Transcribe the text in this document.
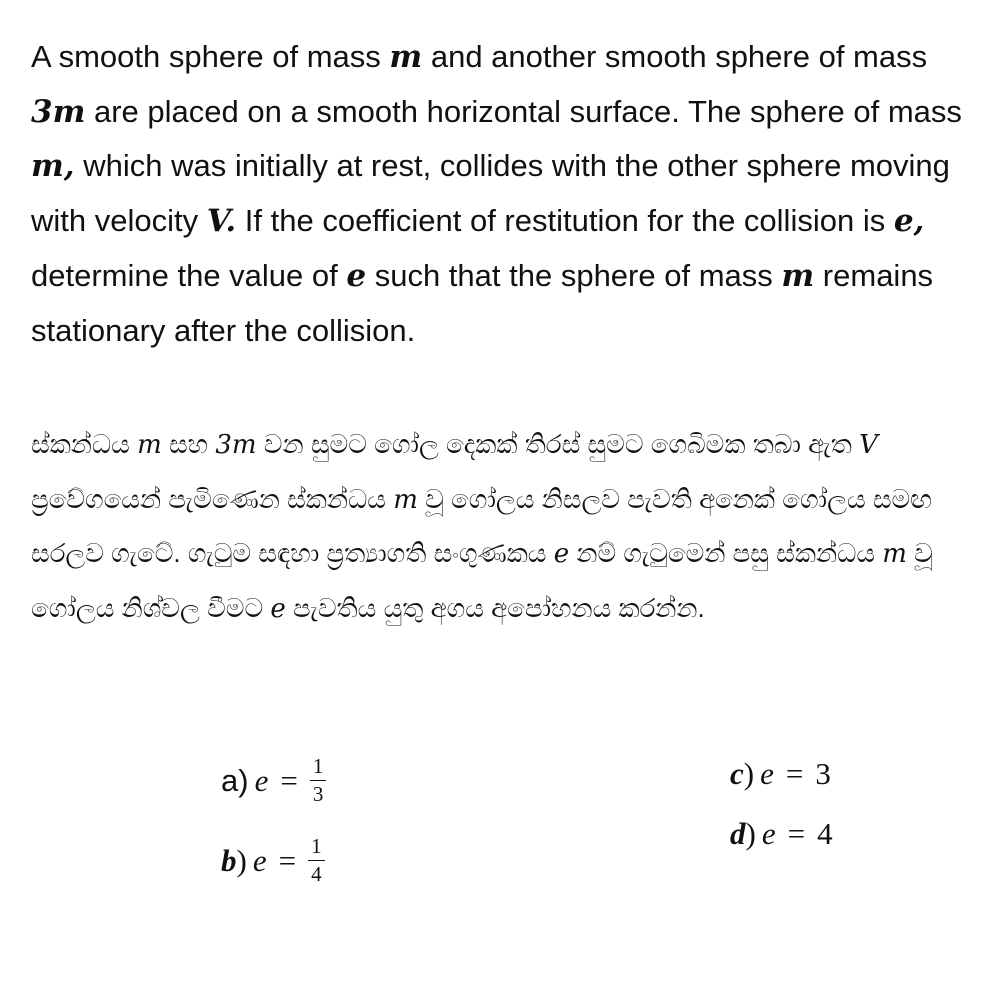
A smooth sphere of mass m and another smooth sphere of mass 3m are placed on a smooth horizontal surface. The sphere of mass m, which was initially at rest, collides with the other sphere moving with velocity V. If the coefficient of restitution for the collision is e, determine the value of e such that the sphere of mass m remains stationary after the collision.

ස්කන්ධය m සහ 3m වන සුමට ගෝල දෙකක් තිරස් සුමට ගෙබිමක තබා ඇත V ප්‍රවේගයෙන් පැමිණෙන ස්කන්ධය m වූ ගෝලය නිසලව පැවති අනෙක් ගෝලය සමඟ සරලව ගැටේ. ගැටුම සඳහා ප්‍රත්‍යාගති සංගුණකය e නම් ගැටුමෙන් පසු ස්කන්ධය m වූ ගෝලය නිශ්චල වීමට e පැවතිය යුතු අගය අපෝහනය කරන්න.

a) $e = \frac{1}{3}$
b ) $e = \frac{1}{4}$
c ) e = 3
d ) e = 4
